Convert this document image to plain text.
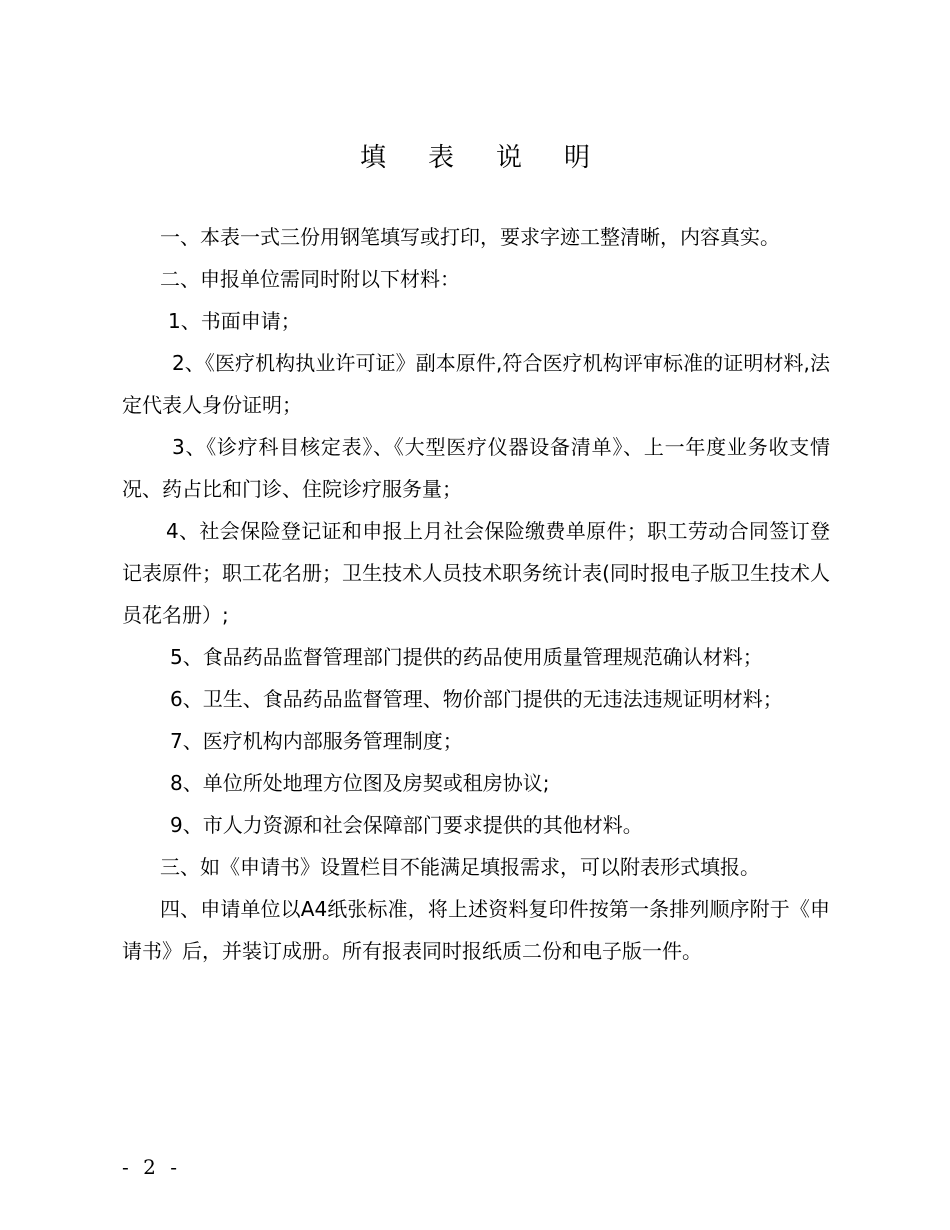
填表说明

一、本表一式三份用钢笔填写或打印，要求字迹工整清晰，内容真实。

二、申报单位需同时附以下材料：

1、书面申请；

2、《医疗机构执业许可证》副本原件,符合医疗机构评审标准的证明材料,法定代表人身份证明；

3、《诊疗科目核定表》、《大型医疗仪器设备清单》、上一年度业务收支情况、药占比和门诊、住院诊疗服务量；

4、社会保险登记证和申报上月社会保险缴费单原件；职工劳动合同签订登记表原件；职工花名册；卫生技术人员技术职务统计表(同时报电子版卫生技术人员花名册）;

5、食品药品监督管理部门提供的药品使用质量管理规范确认材料；

6、卫生、食品药品监督管理、物价部门提供的无违法违规证明材料；

7、医疗机构内部服务管理制度；

8、单位所处地理方位图及房契或租房协议;

9、市人力资源和社会保障部门要求提供的其他材料。

三、如《申请书》设置栏目不能满足填报需求，可以附表形式填报。

四、申请单位以A4纸张标准，将上述资料复印件按第一条排列顺序附于《申请书》后，并装订成册。所有报表同时报纸质二份和电子版一件。

- 2 -
